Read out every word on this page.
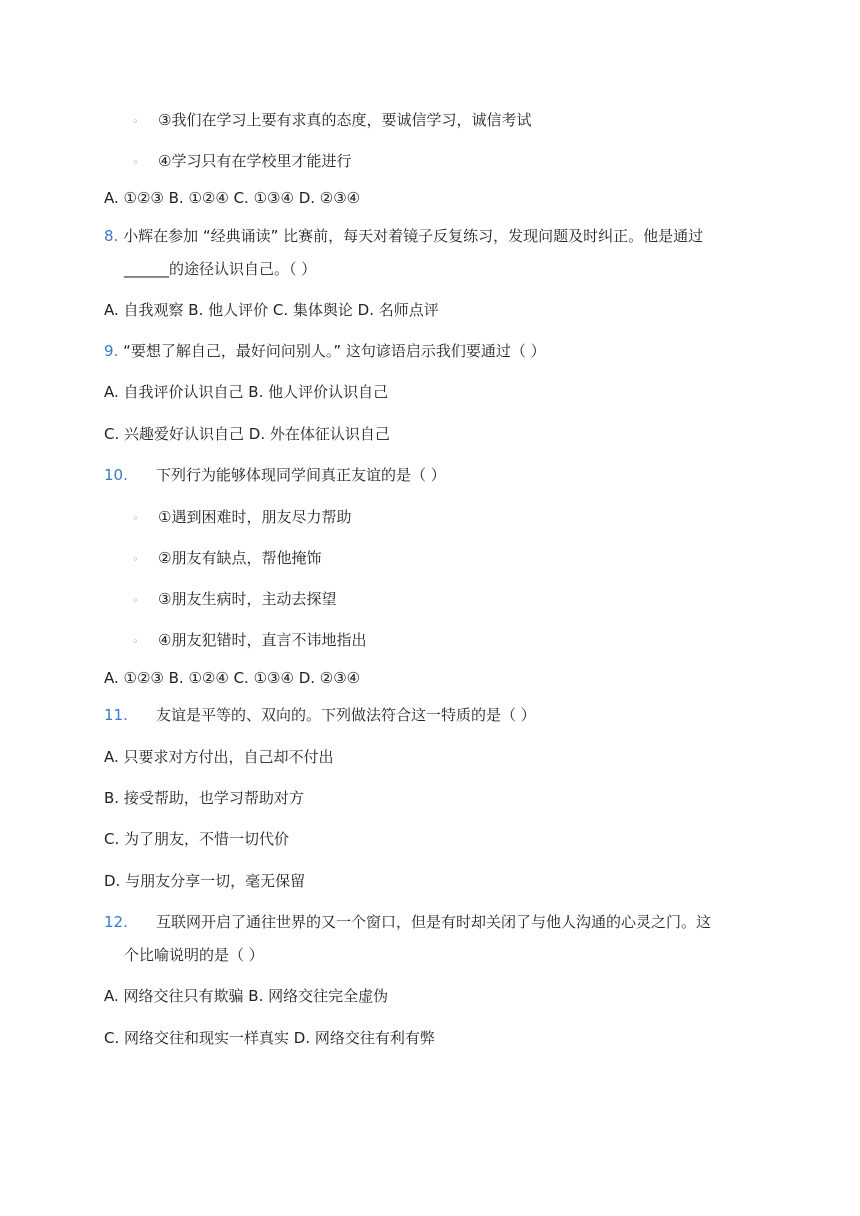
◦ ③我们在学习上要有求真的态度，要诚信学习，诚信考试
◦ ④学习只有在学校里才能进行
A. ①②③ B. ①②④ C. ①③④ D. ②③④
8. 小辉在参加 “经典诵读” 比赛前，每天对着镜子反复练习，发现问题及时纠正。他是通过
______的途径认识自己。（ ）
A. 自我观察 B. 他人评价 C. 集体舆论 D. 名师点评
9. “要想了解自己，最好问问别人。” 这句谚语启示我们要通过（ ）
A. 自我评价认识自己 B. 他人评价认识自己
C. 兴趣爱好认识自己 D. 外在体征认识自己
10. 下列行为能够体现同学间真正友谊的是（ ）
◦ ①遇到困难时，朋友尽力帮助
◦ ②朋友有缺点，帮他掩饰
◦ ③朋友生病时，主动去探望
◦ ④朋友犯错时，直言不讳地指出
A. ①②③ B. ①②④ C. ①③④ D. ②③④
11. 友谊是平等的、双向的。下列做法符合这一特质的是（ ）
A. 只要求对方付出，自己却不付出
B. 接受帮助，也学习帮助对方
C. 为了朋友，不惜一切代价
D. 与朋友分享一切，毫无保留
12. 互联网开启了通往世界的又一个窗口，但是有时却关闭了与他人沟通的心灵之门。这
个比喻说明的是（ ）
A. 网络交往只有欺骗 B. 网络交往完全虚伪
C. 网络交往和现实一样真实 D. 网络交往有利有弊
